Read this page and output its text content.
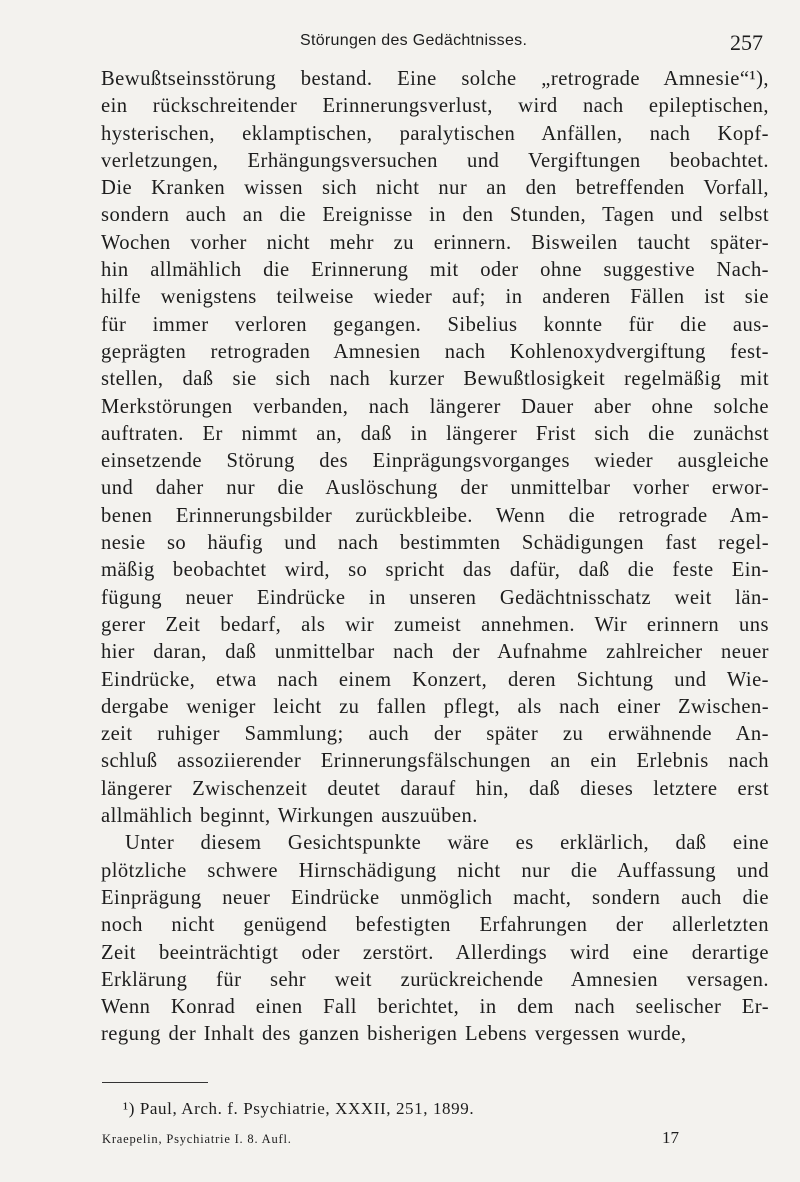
Störungen des Gedächtnisses.	257
Bewußtseinsstörung bestand. Eine solche „retrograde Amnesie“¹),
ein rückschreitender Erinnerungsverlust, wird nach epileptischen,
hysterischen, eklamptischen, paralytischen Anfällen, nach Kopf-
verletzungen, Erhängungsversuchen und Vergiftungen beobachtet.
Die Kranken wissen sich nicht nur an den betreffenden Vorfall,
sondern auch an die Ereignisse in den Stunden, Tagen und selbst
Wochen vorher nicht mehr zu erinnern. Bisweilen taucht später-
hin allmählich die Erinnerung mit oder ohne suggestive Nach-
hilfe wenigstens teilweise wieder auf; in anderen Fällen ist sie
für immer verloren gegangen. Sibelius konnte für die aus-
geprägten retrograden Amnesien nach Kohlenoxydvergiftung fest-
stellen, daß sie sich nach kurzer Bewußtlosigkeit regelmäßig mit
Merkstörungen verbanden, nach längerer Dauer aber ohne solche
auftraten. Er nimmt an, daß in längerer Frist sich die zunächst
einsetzende Störung des Einprägungsvorganges wieder ausgleiche
und daher nur die Auslöschung der unmittelbar vorher erwor-
benen Erinnerungsbilder zurückbleibe. Wenn die retrograde Am-
nesie so häufig und nach bestimmten Schädigungen fast regel-
mäßig beobachtet wird, so spricht das dafür, daß die feste Ein-
fügung neuer Eindrücke in unseren Gedächtnisschatz weit län-
gerer Zeit bedarf, als wir zumeist annehmen. Wir erinnern uns
hier daran, daß unmittelbar nach der Aufnahme zahlreicher neuer
Eindrücke, etwa nach einem Konzert, deren Sichtung und Wie-
dergabe weniger leicht zu fallen pflegt, als nach einer Zwischen-
zeit ruhiger Sammlung; auch der später zu erwähnende An-
schluß assoziierender Erinnerungsfälschungen an ein Erlebnis nach
längerer Zwischenzeit deutet darauf hin, daß dieses letztere erst
allmählich beginnt, Wirkungen auszuüben.
Unter diesem Gesichtspunkte wäre es erklärlich, daß eine
plötzliche schwere Hirnschädigung nicht nur die Auffassung und
Einprägung neuer Eindrücke unmöglich macht, sondern auch die
noch nicht genügend befestigten Erfahrungen der allerletzten
Zeit beeinträchtigt oder zerstört. Allerdings wird eine derartige
Erklärung für sehr weit zurückreichende Amnesien versagen.
Wenn Konrad einen Fall berichtet, in dem nach seelischer Er-
regung der Inhalt des ganzen bisherigen Lebens vergessen wurde,
¹) Paul, Arch. f. Psychiatrie, XXXII, 251, 1899.
Kraepelin, Psychiatrie I. 8. Aufl.	17
